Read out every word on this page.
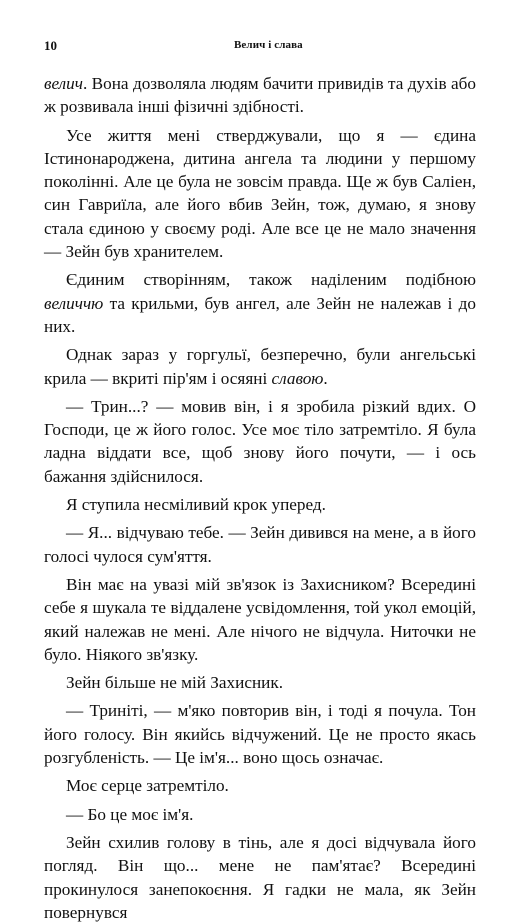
10	Велич і слава

велич. Вона дозволяла людям бачити привидів та духів або ж розвивала інші фізичні здібності.

Усе життя мені стверджували, що я — єдина Істинонароджена, дитина ангела та людини у першому поколінні. Але це була не зовсім правда. Ще ж був Саліен, син Гавриїла, але його вбив Зейн, тож, думаю, я знову стала єдиною у своєму роді. Але все це не мало значення — Зейн був хранителем.

Єдиним створінням, також наділеним подібною величчю та крильми, був ангел, але Зейн не належав і до них.

Однак зараз у горгульї, безперечно, були ангельські крила — вкриті пір'ям і осяяні славою.

— Трин...? — мовив він, і я зробила різкий вдих. О Господи, це ж його голос. Усе моє тіло затремтіло. Я була ладна віддати все, щоб знову його почути, — і ось бажання здійснилося.

Я ступила несміливий крок уперед.

— Я... відчуваю тебе. — Зейн дивився на мене, а в його голосі чулося сум'яття.

Він має на увазі мій зв'язок із Захисником? Всередині себе я шукала те віддалене усвідомлення, той укол емоцій, який належав не мені. Але нічого не відчула. Ниточки не було. Ніякого зв'язку.

Зейн більше не мій Захисник.

— Триніті, — м'яко повторив він, і тоді я почула. Тон його голосу. Він якийсь відчужений. Це не просто якась розгубленість. — Це ім'я... воно щось означає.

Моє серце затремтіло.

— Бо це моє ім'я.

Зейн схилив голову в тінь, але я досі відчувала його погляд. Він що... мене не пам'ятає? Всередині прокинулося занепокоєння. Я гадки не мала, як Зейн повернувся
